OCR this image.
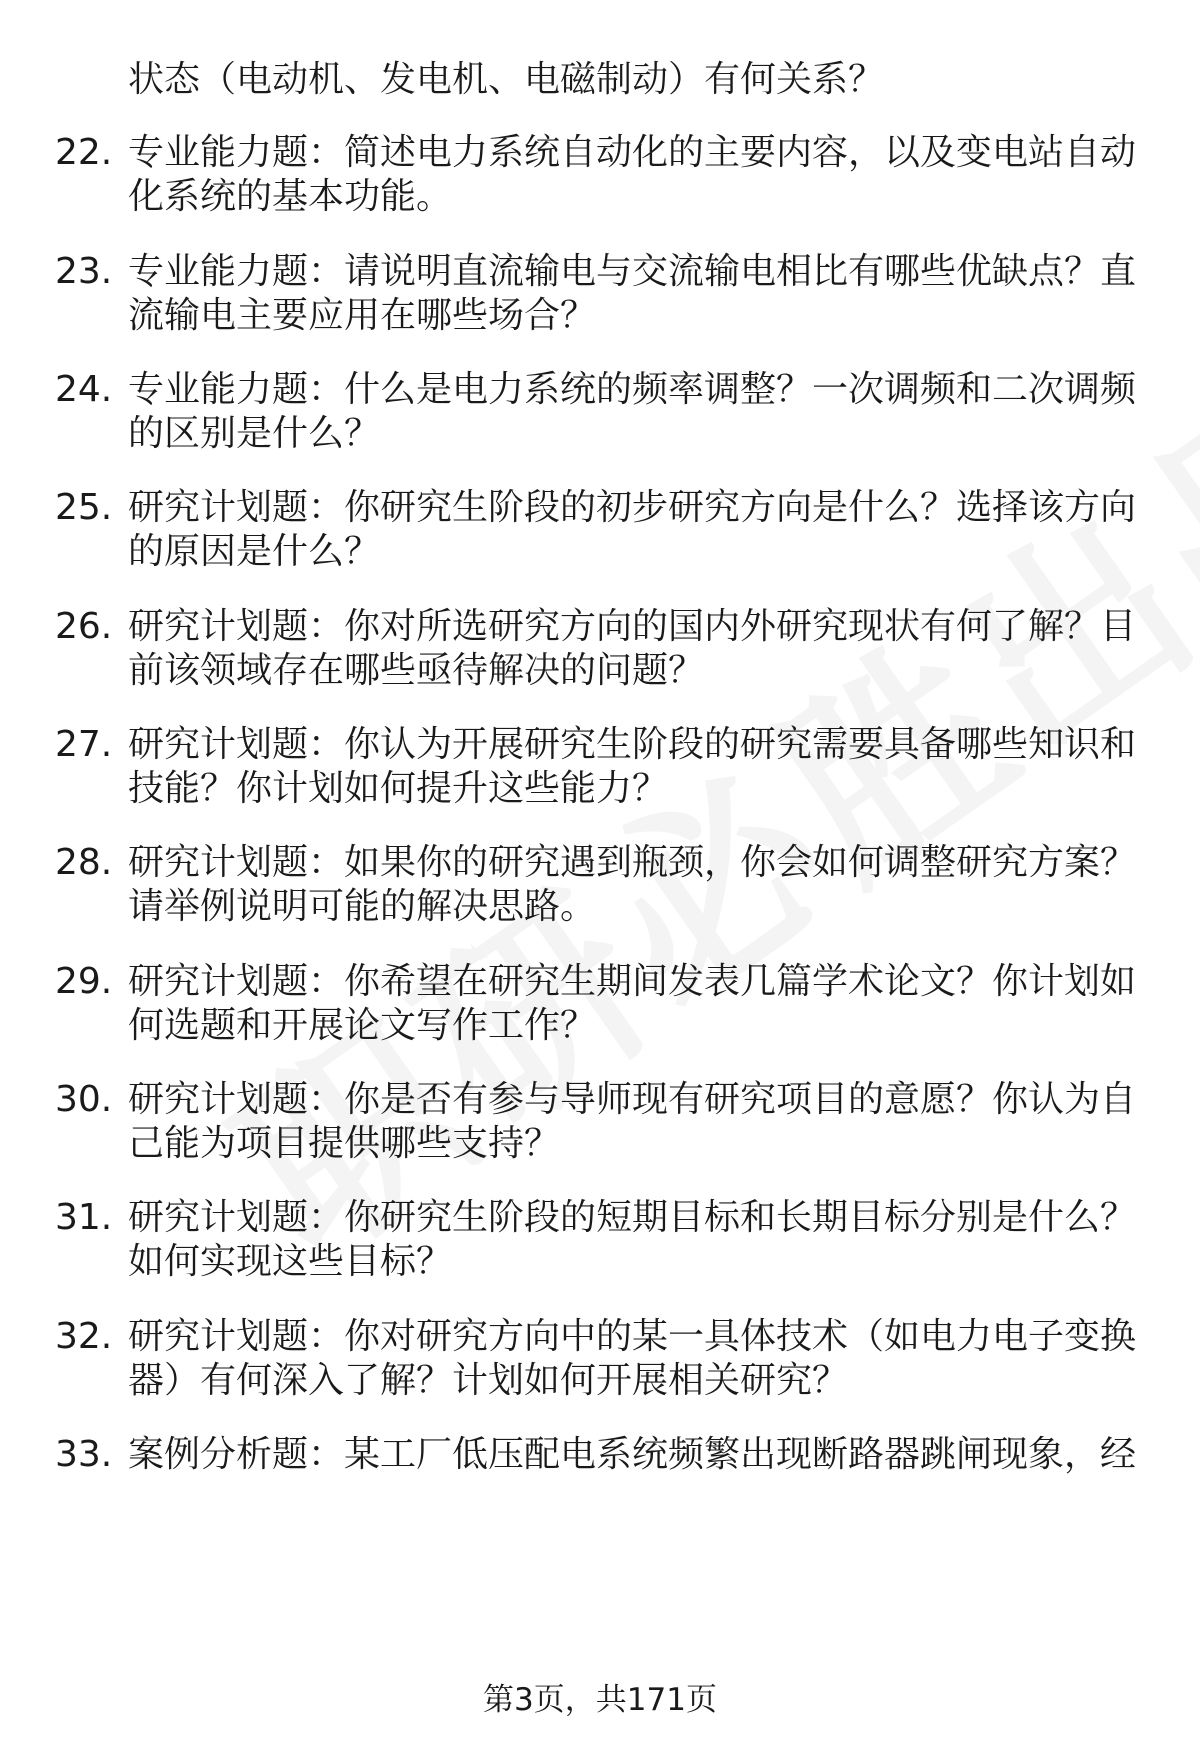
状态（电动机、发电机、电磁制动）有何关系？
22. 专业能力题：简述电力系统自动化的主要内容，以及变电站自动
化系统的基本功能。
23. 专业能力题：请说明直流输电与交流输电相比有哪些优缺点？直
流输电主要应用在哪些场合？
24. 专业能力题：什么是电力系统的频率调整？一次调频和二次调频
的区别是什么？
25. 研究计划题：你研究生阶段的初步研究方向是什么？选择该方向
的原因是什么？
26. 研究计划题：你对所选研究方向的国内外研究现状有何了解？目
前该领域存在哪些亟待解决的问题？
27. 研究计划题：你认为开展研究生阶段的研究需要具备哪些知识和
技能？你计划如何提升这些能力？
28. 研究计划题：如果你的研究遇到瓶颈，你会如何调整研究方案？
请举例说明可能的解决思路。
29. 研究计划题：你希望在研究生期间发表几篇学术论文？你计划如
何选题和开展论文写作工作？
30. 研究计划题：你是否有参与导师现有研究项目的意愿？你认为自
己能为项目提供哪些支持？
31. 研究计划题：你研究生阶段的短期目标和长期目标分别是什么？
如何实现这些目标？
32. 研究计划题：你对研究方向中的某一具体技术（如电力电子变换
器）有何深入了解？计划如何开展相关研究？
33. 案例分析题：某工厂低压配电系统频繁出现断路器跳闸现象，经
第3页，共171页
